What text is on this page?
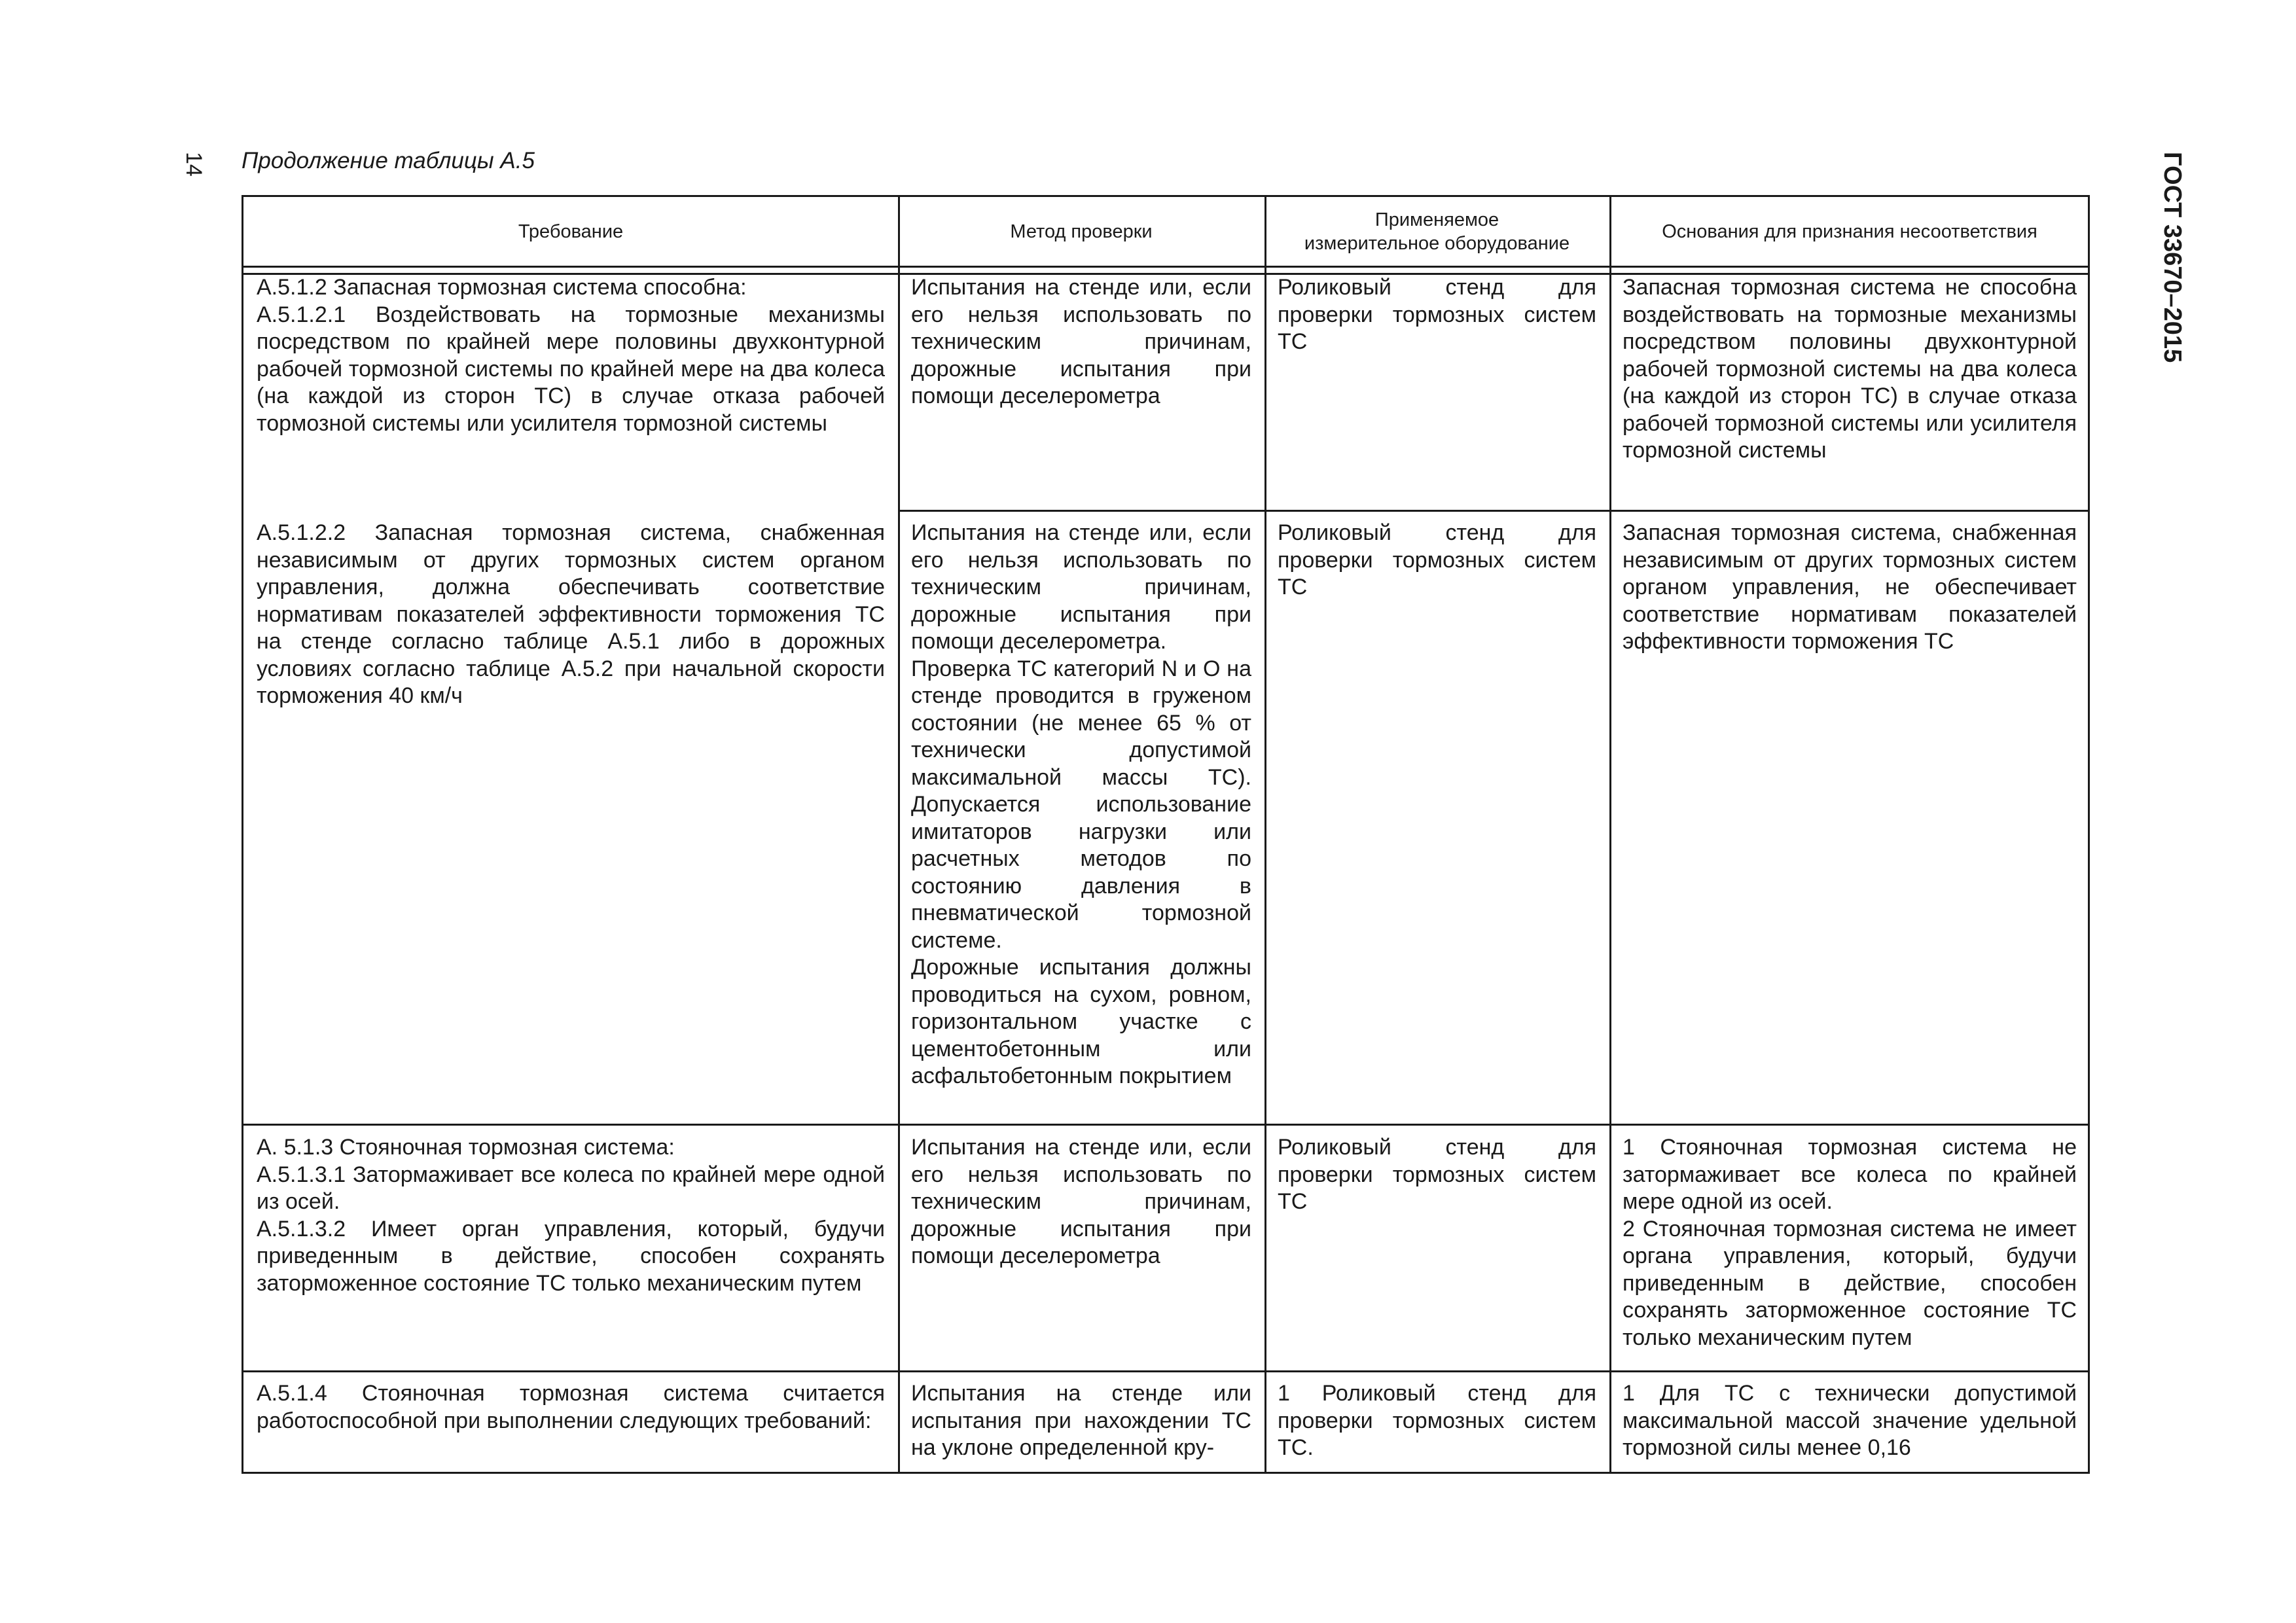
14 Продолжение таблицы А.5	ГОСТ 33670–2015
Требование	Метод проверки
Применяемое
измерительное оборудование
Основания для признания несоответствия
А.5.1.2 Запасная тормозная система способна:
А.5.1.2.1 Воздействовать на тормозные механизмы посредством по крайней мере половины двухконтурной рабочей тормозной системы по крайней мере на два колеса (на каждой из сторон ТС) в случае отказа рабочей тормозной системы или усилителя тормозной системы
Испытания на стенде или, если его нельзя использовать по техническим причинам, дорожные испытания при помощи деселерометра
Роликовый стенд для проверки тормозных систем ТС
Запасная тормозная система не способна воздействовать на тормозные механизмы посредством половины двухконтурной рабочей тормозной системы на два колеса (на каждой из сторон ТС) в случае отказа рабочей тормозной системы или усилителя тормозной системы
А.5.1.2.2 Запасная тормозная система, снабженная независимым от других тормозных систем органом управления, должна обеспечивать соответствие нормативам показателей эффективности торможения ТС на стенде согласно таблице А.5.1 либо в дорожных условиях согласно таблице А.5.2 при начальной скорости торможения 40 км/ч
Испытания на стенде или, если его нельзя использовать по техническим причинам, дорожные испытания при помощи деселерометра.
Проверка ТС категорий N и O на стенде проводится в груженом состоянии (не менее 65 % от технически допустимой максимальной массы ТС). Допускается использование имитаторов нагрузки или расчетных методов по состоянию давления в пневматической тормозной системе.
Дорожные испытания должны проводиться на сухом, ровном, горизонтальном участке с цементобетонным или асфальтобетонным покрытием
Роликовый стенд для проверки тормозных систем ТС
Запасная тормозная система, снабженная независимым от других тормозных систем органом управления, не обеспечивает соответствие нормативам показателей эффективности торможения ТС
А. 5.1.3 Стояночная тормозная система:
А.5.1.3.1 Затормаживает все колеса по крайней мере одной из осей.
А.5.1.3.2 Имеет орган управления, который, будучи приведенным в действие, способен сохранять заторможенное состояние ТС только механическим путем
Испытания на стенде или, если его нельзя использовать по техническим причинам, дорожные испытания при помощи деселерометра
Роликовый стенд для проверки тормозных систем ТС
1 Стояночная тормозная система не затормаживает все колеса по крайней мере одной из осей.
2 Стояночная тормозная система не имеет органа управления, который, будучи приведенным в действие, способен сохранять заторможенное состояние ТС только механическим путем
А.5.1.4 Стояночная тормозная система считается работоспособной при выполнении следующих требований:
Испытания на стенде или испытания при нахождении ТС на уклоне определенной кру-
1 Роликовый стенд для проверки тормозных систем ТС.
1 Для ТС с технически допустимой максимальной массой значение удельной тормозной силы менее 0,16
